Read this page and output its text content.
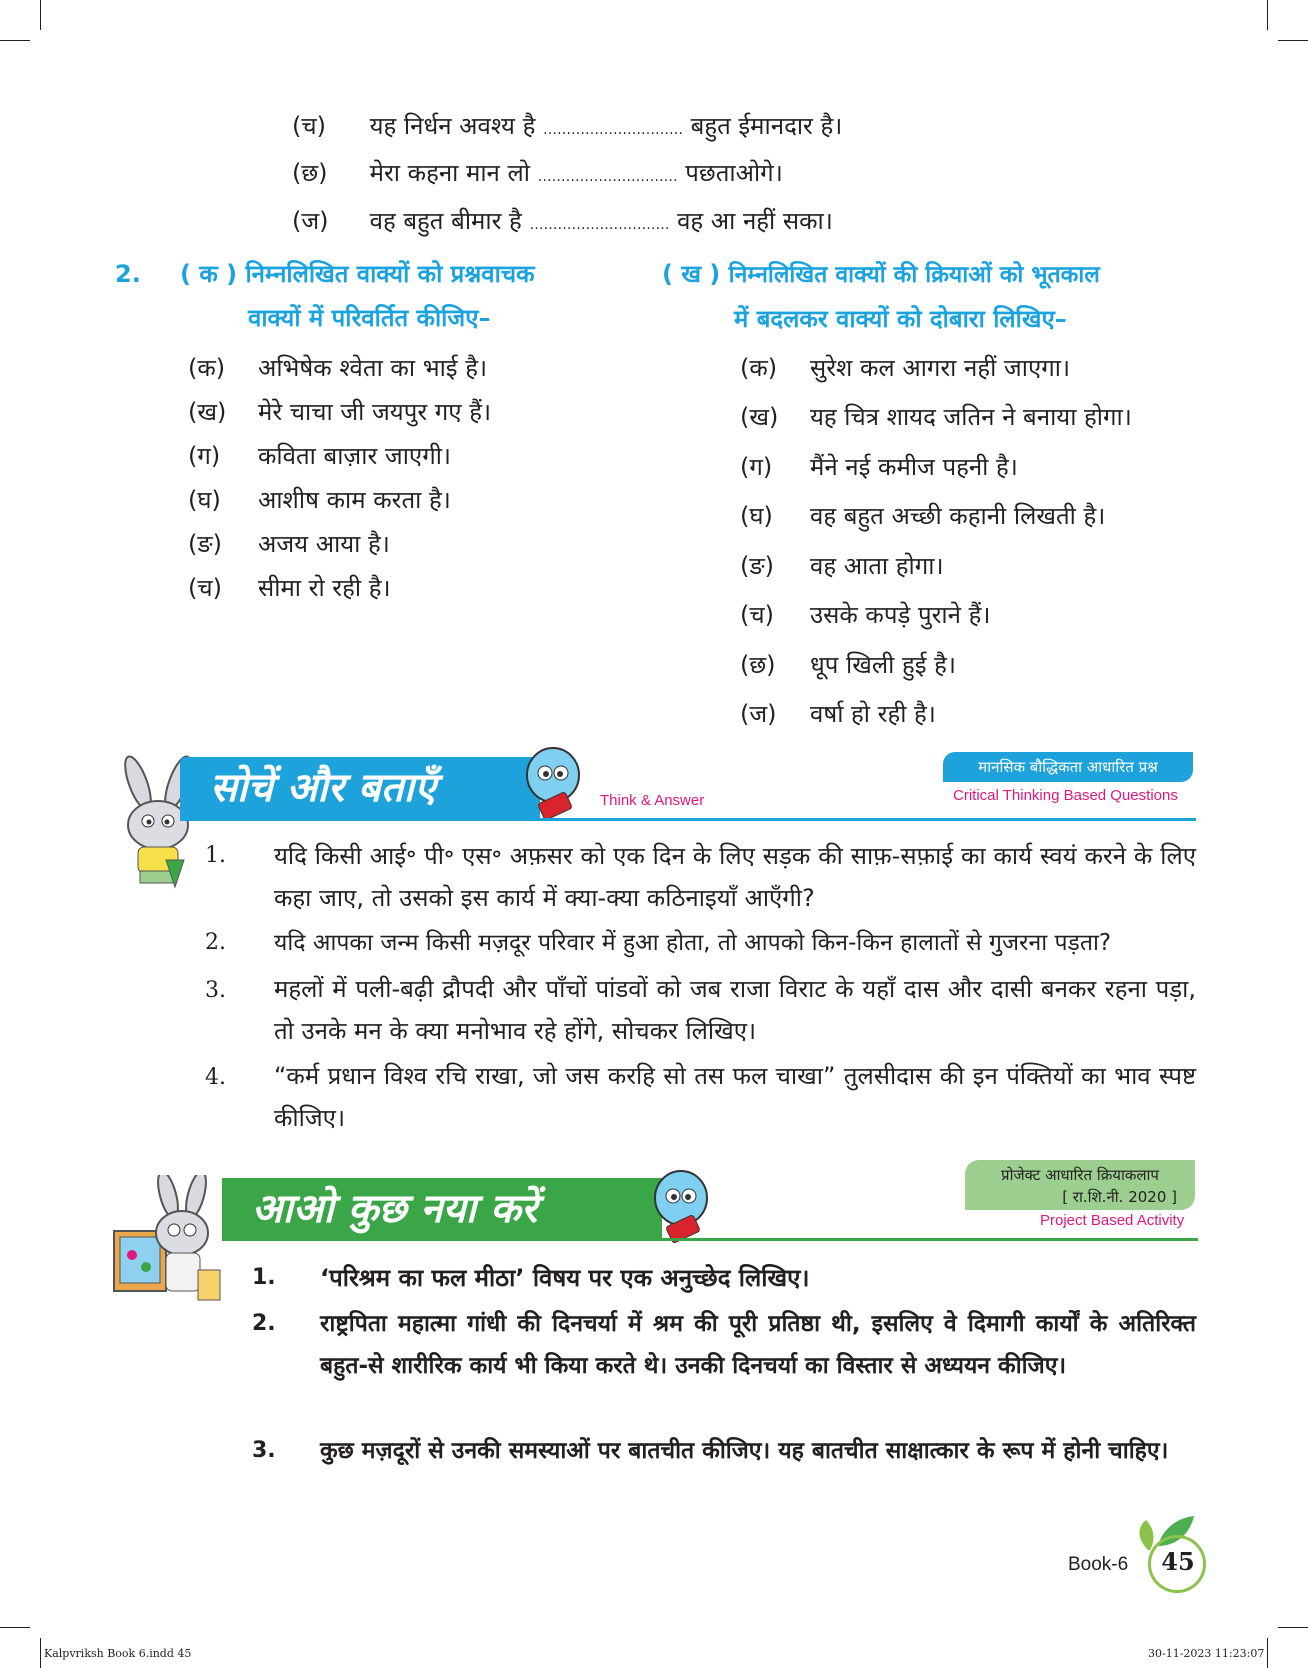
(च) यह निर्धन अवश्य है ………………………… बहुत ईमानदार है।
(छ) मेरा कहना मान लो ………………………… पछताओगे।
(ज) वह बहुत बीमार है ………………………… वह आ नहीं सका।
2. ( क ) निम्नलिखित वाक्यों को प्रश्नवाचक
वाक्यों में परिवर्तित कीजिए–
( ख ) निम्नलिखित वाक्यों की क्रियाओं को भूतकाल
में बदलकर वाक्यों को दोबारा लिखिए–
(क) अभिषेक श्वेता का भाई है।
(ख) मेरे चाचा जी जयपुर गए हैं।
(ग) कविता बाज़ार जाएगी।
(घ) आशीष काम करता है।
(ङ) अजय आया है।
(च) सीमा रो रही है।
(क) सुरेश कल आगरा नहीं जाएगा।
(ख) यह चित्र शायद जतिन ने बनाया होगा।
(ग) मैंने नई कमीज पहनी है।
(घ) वह बहुत अच्छी कहानी लिखती है।
(ङ) वह आता होगा।
(च) उसके कपड़े पुराने हैं।
(छ) धूप खिली हुई है।
(ज) वर्षा हो रही है।
सोचें और बताएँ	Think & Answer
मानसिक बौद्धिकता आधारित प्रश्न
Critical Thinking Based Questions
1. यदि किसी आई॰ पी॰ एस॰ अफ़सर को एक दिन के लिए सड़क की साफ़-सफ़ाई का कार्य स्वयं करने के लिए कहा जाए, तो उसको इस कार्य में क्या-क्या कठिनाइयाँ आएँगी?
2. यदि आपका जन्म किसी मज़दूर परिवार में हुआ होता, तो आपको किन-किन हालातों से गुजरना पड़ता?
3. महलों में पली-बढ़ी द्रौपदी और पाँचों पांडवों को जब राजा विराट के यहाँ दास और दासी बनकर रहना पड़ा, तो उनके मन के क्या मनोभाव रहे होंगे, सोचकर लिखिए।
4. “कर्म प्रधान विश्व रचि राखा, जो जस करहि सो तस फल चाखा” तुलसीदास की इन पंक्तियों का भाव स्पष्ट कीजिए।
आओ कुछ नया करें
प्रोजेक्ट आधारित क्रियाकलाप
[ रा.शि.नी. 2020 ]
Project Based Activity
1. ‘परिश्रम का फल मीठा’ विषय पर एक अनुच्छेद लिखिए।
2. राष्ट्रपिता महात्मा गांधी की दिनचर्या में श्रम की पूरी प्रतिष्ठा थी, इसलिए वे दिमागी कार्यों के अतिरिक्त बहुत-से शारीरिक कार्य भी किया करते थे। उनकी दिनचर्या का विस्तार से अध्ययन कीजिए।
3. कुछ मज़दूरों से उनकी समस्याओं पर बातचीत कीजिए। यह बातचीत साक्षात्कार के रूप में होनी चाहिए।
Book-6 45
Kalpvriksh Book 6.indd 45	30-11-2023 11:23:07
